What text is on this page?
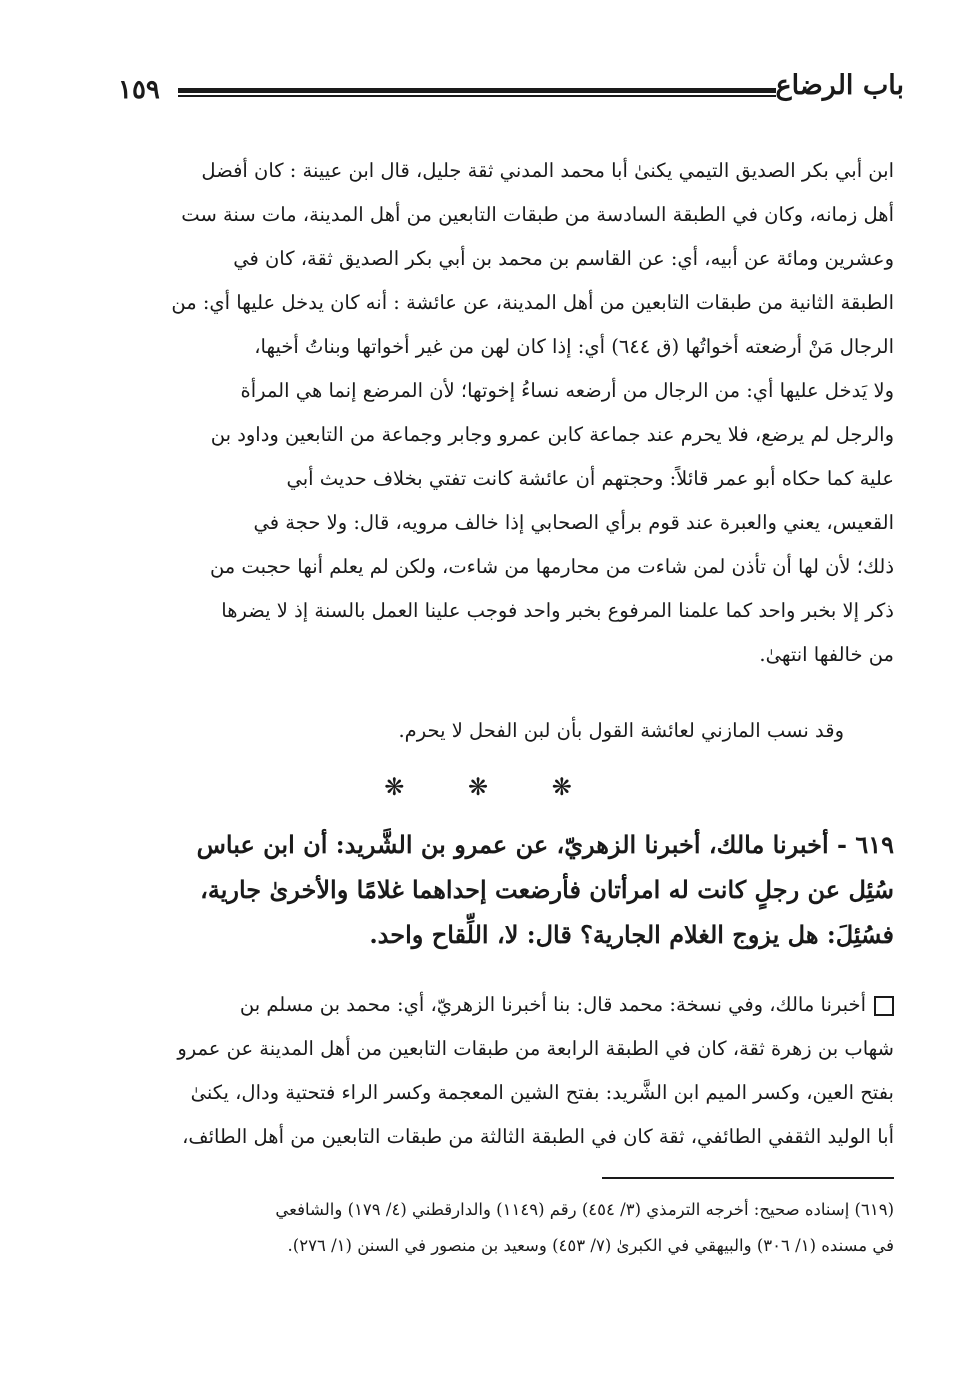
باب الرضاع
١٥٩
ابن أبي بكر الصديق التيمي يكنىٰ أبا محمد المدني ثقة جليل، قال ابن عيينة : كان أفضل
أهل زمانه، وكان في الطبقة السادسة من طبقات التابعين من أهل المدينة، مات سنة ست
وعشرين ومائة عن أبيه، أي: عن القاسم بن محمد بن أبي بكر الصديق ثقة، كان في
الطبقة الثانية من طبقات التابعين من أهل المدينة، عن عائشة : أنه كان يدخل عليها أي: من
الرجال مَنْ أرضعته أخواتُها (ق ٦٤٤) أي: إذا كان لهن من غير أخواتها وبناتُ أخيها،
ولا يَدخل عليها أي: من الرجال من أرضعه نساءُ إخوتها؛ لأن المرضع إنما هي المرأة
والرجل لم يرضع، فلا يحرم عند جماعة كابن عمرو وجابر وجماعة من التابعين وداود بن
علية كما حكاه أبو عمر قائلاً: وحجتهم أن عائشة كانت تفتي بخلاف حديث أبي
القعيس، يعني والعبرة عند قوم برأي الصحابي إذا خالف مرويه، قال: ولا حجة في
ذلك؛ لأن لها أن تأذن لمن شاءت من محارمها من شاءت، ولكن لم يعلم أنها حجبت من
ذكر إلا بخبر واحد كما علمنا المرفوع بخبر واحد فوجب علينا العمل بالسنة إذ لا يضرها
من خالفها انتهىٰ.
وقد نسب المازني لعائشة القول بأن لبن الفحل لا يحرم.
❋	❋	❋
٦١٩ - أخبرنا مالك، أخبرنا الزهريّ، عن عمرو بن الشَّريد: أن ابن عباس
سُئِل عن رجلٍ كانت له امرأتان فأرضعت إحداهما غلامًا والأخرىٰ جارية،
فسُئِلَ: هل يزوج الغلام الجارية؟ قال: لا، اللِّقاح واحد.
أخبرنا مالك، وفي نسخة: محمد قال: بنا أخبرنا الزهريّ، أي: محمد بن مسلم بن
شهاب بن زهرة ثقة، كان في الطبقة الرابعة من طبقات التابعين من أهل المدينة عن عمرو
بفتح العين، وكسر الميم ابن الشَّريد: بفتح الشين المعجمة وكسر الراء فتحتية ودال، يكنىٰ
أبا الوليد الثقفي الطائفي، ثقة كان في الطبقة الثالثة من طبقات التابعين من أهل الطائف،
(٦١٩) إسناده صحيح: أخرجه الترمذي (٣/ ٤٥٤) رقم (١١٤٩) والدارقطني (٤/ ١٧٩) والشافعي
في مسنده (١/ ٣٠٦) والبيهقي في الكبرىٰ (٧/ ٤٥٣) وسعيد بن منصور في السنن (١/ ٢٧٦).
